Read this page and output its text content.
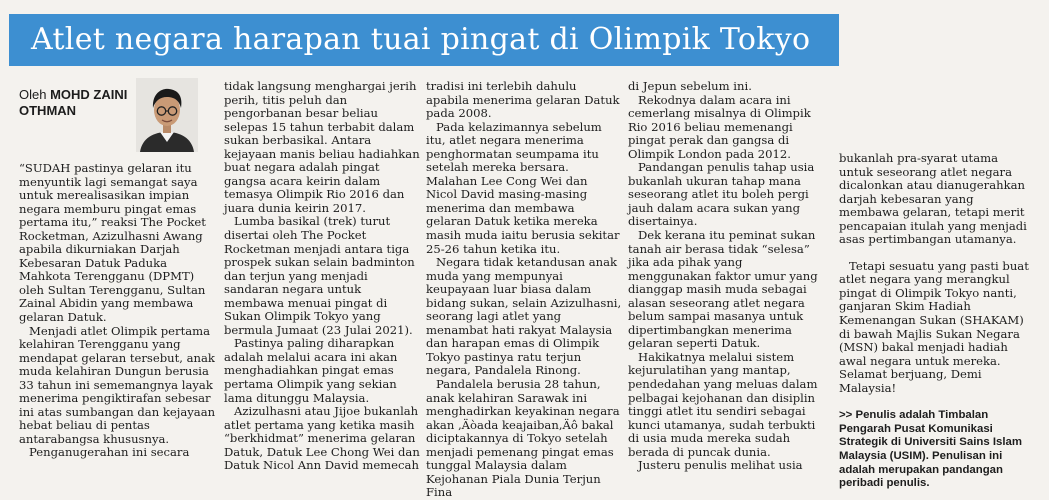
Atlet negara harapan tuai pingat di Olimpik Tokyo
Oleh MOHD ZAINI
OTHMAN

“SUDAH pastinya gelaran itu menyuntik lagi semangat saya untuk merealisasikan impian negara memburu pingat emas pertama itu,” reaksi The Pocket Rocketman, Azizulhasni Awang apabila dikurniakan Darjah Kebesaran Datuk Paduka Mahkota Terengganu (DPMT) oleh Sultan Terengganu, Sultan Zainal Abidin yang membawa gelaran Datuk.

Menjadi atlet Olimpik pertama kelahiran Terengganu yang mendapat gelaran tersebut, anak muda kelahiran Dungun berusia 33 tahun ini sememangnya layak menerima pengiktirafan sebesar ini atas sumbangan dan kejayaan hebat beliau di pentas antarabangsa khususnya.

Penganugerahan ini secara

tidak langsung menghargai jerih perih, titis peluh dan pengorbanan besar beliau selepas 15 tahun terbabit dalam sukan berbasikal. Antara kejayaan manis beliau hadiahkan buat negara adalah pingat gangsa acara keirin dalam temasya Olimpik Rio 2016 dan juara dunia keirin 2017.

Lumba basikal (trek) turut disertai oleh The Pocket Rocketman menjadi antara tiga prospek sukan selain badminton dan terjun yang menjadi sandaran negara untuk membawa menuai pingat di Sukan Olimpik Tokyo yang bermula Jumaat (23 Julai 2021).

Pastinya paling diharapkan adalah melalui acara ini akan menghadiahkan pingat emas pertama Olimpik yang sekian lama ditunggu Malaysia.

Azizulhasni atau Jijoe bukanlah atlet pertama yang ketika masih “berkhidmat” menerima gelaran Datuk, Datuk Lee Chong Wei dan Datuk Nicol Ann David memecah

tradisi ini terlebih dahulu apabila menerima gelaran Datuk pada 2008.

Pada kelazimannya sebelum itu, atlet negara menerima penghormatan seumpama itu setelah mereka bersara. Malahan Lee Cong Wei dan Nicol David masing-masing menerima dan membawa gelaran Datuk ketika mereka masih muda iaitu berusia sekitar 25-26 tahun ketika itu.

Negara tidak ketandusan anak muda yang mempunyai keupayaan luar biasa dalam bidang sukan, selain Azizulhasni, seorang lagi atlet yang menambat hati rakyat Malaysia dan harapan emas di Olimpik Tokyo pastinya ratu terjun negara, Pandalela Rinong.

Pandalela berusia 28 tahun, anak kelahiran Sarawak ini menghadirkan keyakinan negara akan ‚Äòada keajaiban‚Äô bakal diciptakannya di Tokyo setelah menjadi pemenang pingat emas tunggal Malaysia dalam Kejohanan Piala Dunia Terjun Fina

di Jepun sebelum ini.

Rekodnya dalam acara ini cemerlang misalnya di Olimpik Rio 2016 beliau memenangi pingat perak dan gangsa di Olimpik London pada 2012.

Pandangan penulis tahap usia bukanlah ukuran tahap mana seseorang atlet itu boleh pergi jauh dalam acara sukan yang disertainya.

Dek kerana itu peminat sukan tanah air berasa tidak “selesa” jika ada pihak yang menggunakan faktor umur yang dianggap masih muda sebagai alasan seseorang atlet negara belum sampai masanya untuk dipertimbangkan menerima gelaran seperti Datuk.

Hakikatnya melalui sistem kejurulatihan yang mantap, pendedahan yang meluas dalam pelbagai kejohanan dan disiplin tinggi atlet itu sendiri sebagai kunci utamanya, sudah terbukti di usia muda mereka sudah berada di puncak dunia.

Justeru penulis melihat usia

bukanlah pra-syarat utama untuk seseorang atlet negara dicalonkan atau dianugerahkan darjah kebesaran yang membawa gelaran, tetapi merit pencapaian itulah yang menjadi asas pertimbangan utamanya.

Tetapi sesuatu yang pasti buat atlet negara yang merangkul pingat di Olimpik Tokyo nanti, ganjaran Skim Hadiah Kemenangan Sukan (SHAKAM) di bawah Majlis Sukan Negara (MSN) bakal menjadi hadiah awal negara untuk mereka. Selamat berjuang, Demi Malaysia!

>> Penulis adalah Timbalan Pengarah Pusat Komunikasi Strategik di Universiti Sains Islam Malaysia (USIM). Penulisan ini adalah merupakan pandangan peribadi penulis.
